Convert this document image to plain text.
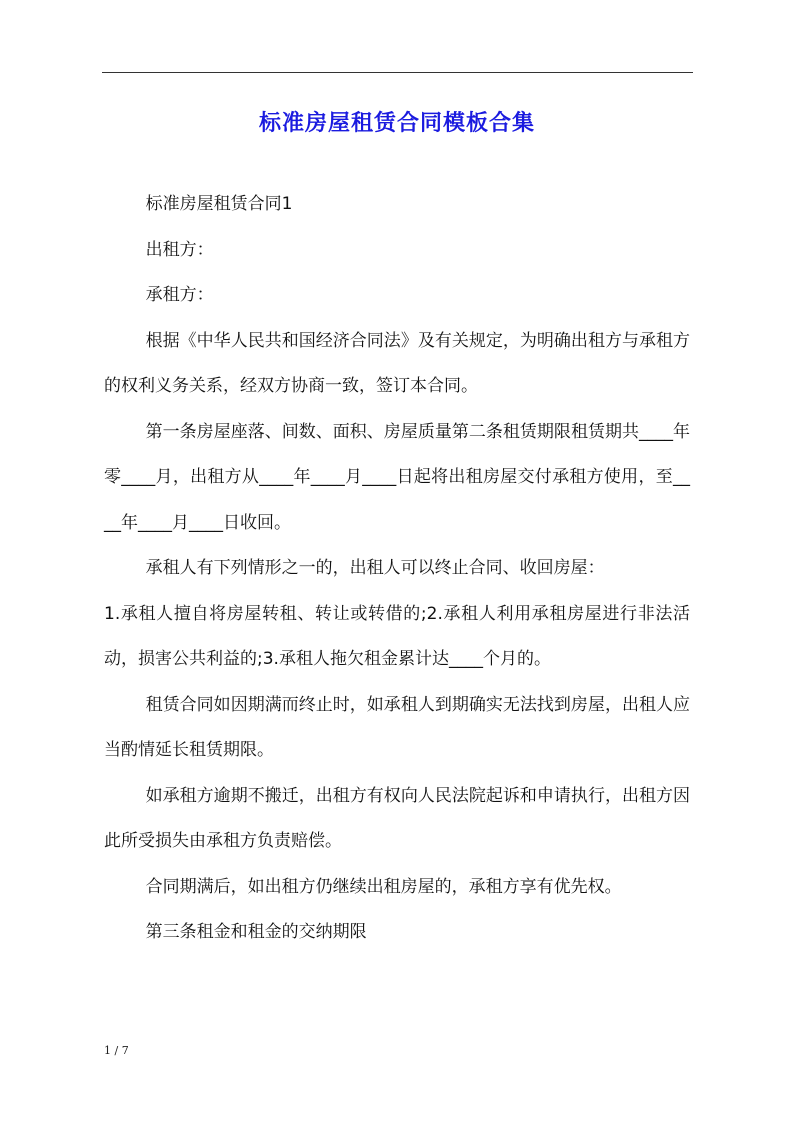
标准房屋租赁合同模板合集

标准房屋租赁合同1

出租方：

承租方：

根据《中华人民共和国经济合同法》及有关规定，为明确出租方与承租方的权利义务关系，经双方协商一致，签订本合同。

第一条房屋座落、间数、面积、房屋质量第二条租赁期限租赁期共____年零____月，出租方从____年____月____日起将出租房屋交付承租方使用，至____年____月____日收回。

承租人有下列情形之一的，出租人可以终止合同、收回房屋：

1.承租人擅自将房屋转租、转让或转借的;2.承租人利用承租房屋进行非法活动，损害公共利益的;3.承租人拖欠租金累计达____个月的。

租赁合同如因期满而终止时，如承租人到期确实无法找到房屋，出租人应当酌情延长租赁期限。

如承租方逾期不搬迁，出租方有权向人民法院起诉和申请执行，出租方因此所受损失由承租方负责赔偿。

合同期满后，如出租方仍继续出租房屋的，承租方享有优先权。

第三条租金和租金的交纳期限

1 / 7
